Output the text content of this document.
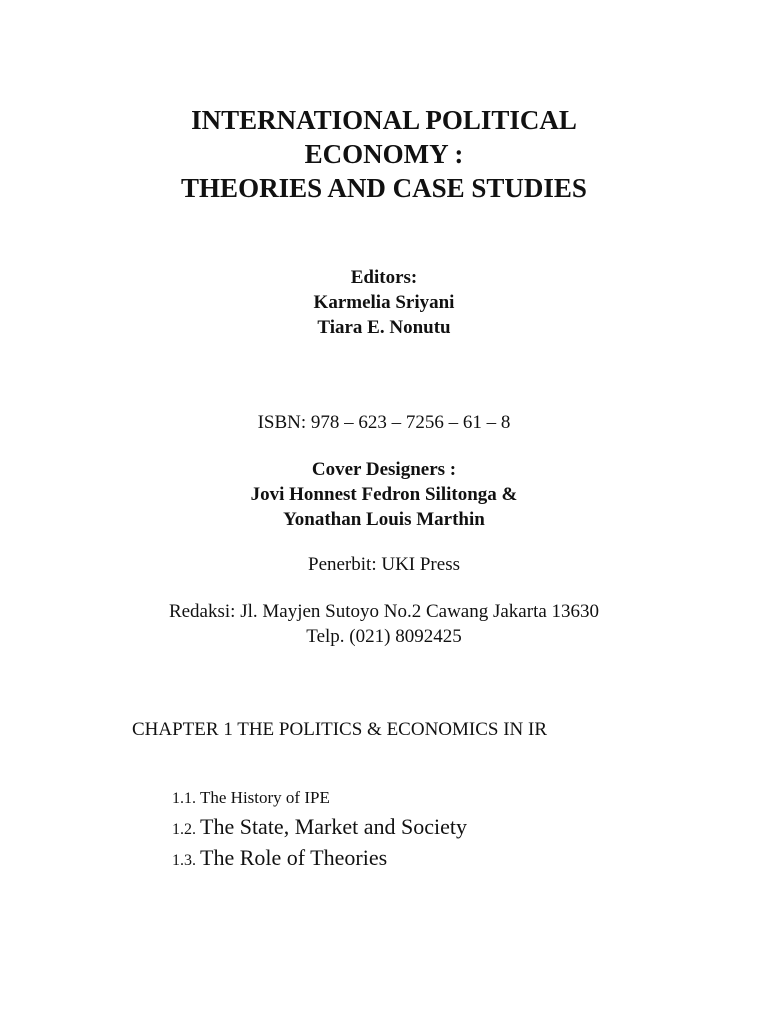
INTERNATIONAL POLITICAL
ECONOMY :
THEORIES AND CASE STUDIES
Editors:
Karmelia Sriyani
Tiara E. Nonutu
ISBN: 978 – 623 – 7256 – 61 – 8
Cover Designers :
Jovi Honnest Fedron Silitonga &
Yonathan Louis Marthin
Penerbit: UKI Press
Redaksi: Jl. Mayjen Sutoyo No.2 Cawang Jakarta 13630
Telp. (021) 8092425
CHAPTER 1 THE POLITICS & ECONOMICS IN IR
1.1. The History of IPE
1.2. The State, Market and Society
1.3. The Role of Theories
